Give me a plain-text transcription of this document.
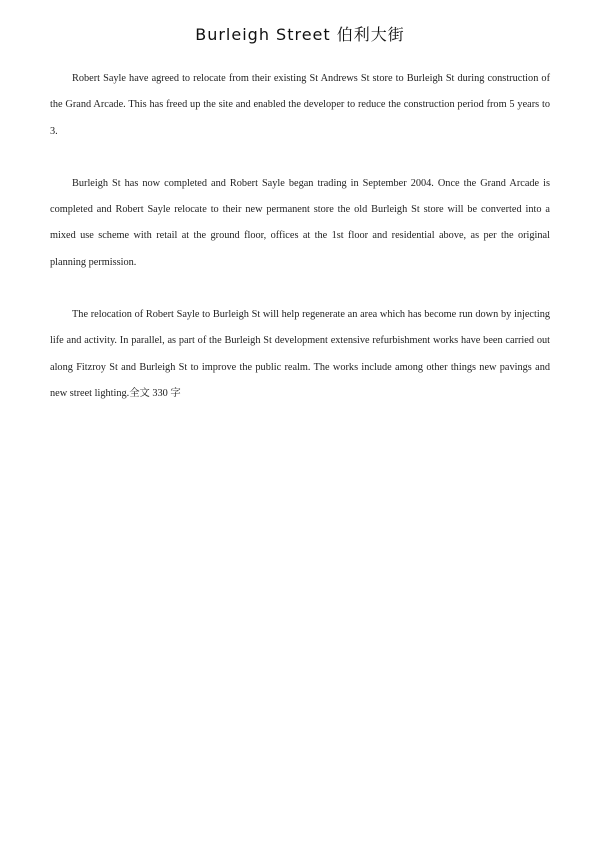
Burleigh Street 伯利大街

Robert Sayle have agreed to relocate from their existing St Andrews St store to Burleigh St during construction of the Grand Arcade. This has freed up the site and enabled the developer to reduce the construction period from 5 years to 3.

Burleigh St has now completed and Robert Sayle began trading in September 2004. Once the Grand Arcade is completed and Robert Sayle relocate to their new permanent store the old Burleigh St store will be converted into a mixed use scheme with retail at the ground floor, offices at the 1st floor and residential above, as per the original planning permission.

The relocation of Robert Sayle to Burleigh St will help regenerate an area which has become run down by injecting life and activity. In parallel, as part of the Burleigh St development extensive refurbishment works have been carried out along Fitzroy St and Burleigh St to improve the public realm. The works include among other things new pavings and new street lighting.全文 330 字
